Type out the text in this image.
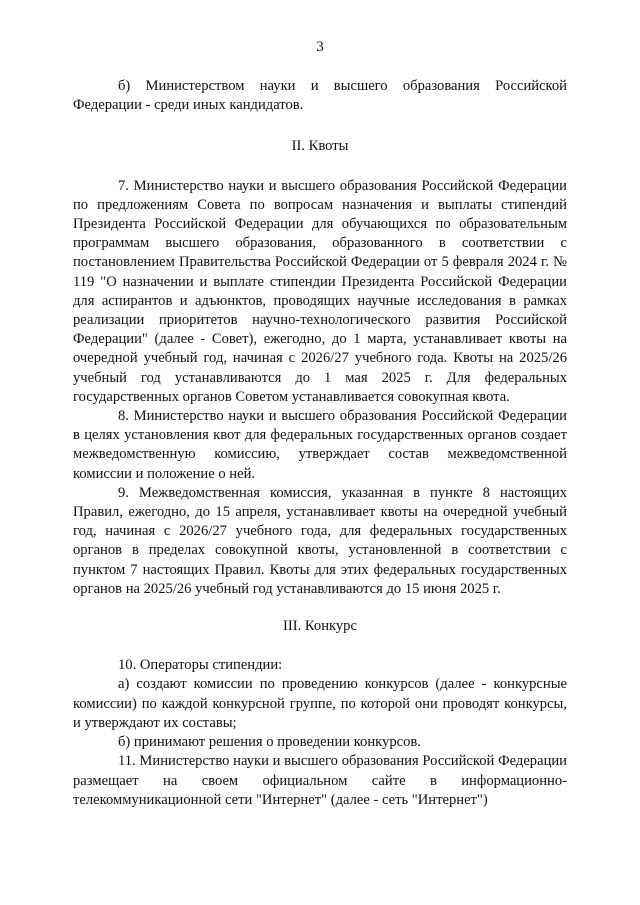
3

б) Министерством науки и высшего образования Российской Федерации - среди иных кандидатов.

II. Квоты

7. Министерство науки и высшего образования Российской Федерации по предложениям Совета по вопросам назначения и выплаты стипендий Президента Российской Федерации для обучающихся по образовательным программам высшего образования, образованного в соответствии с постановлением Правительства Российской Федерации от 5 февраля 2024 г. № 119 "О назначении и выплате стипендии Президента Российской Федерации для аспирантов и адъюнктов, проводящих научные исследования в рамках реализации приоритетов научно-технологического развития Российской Федерации" (далее - Совет), ежегодно, до 1 марта, устанавливает квоты на очередной учебный год, начиная с 2026/27 учебного года. Квоты на 2025/26 учебный год устанавливаются до 1 мая 2025 г. Для федеральных государственных органов Советом устанавливается совокупная квота.

8. Министерство науки и высшего образования Российской Федерации в целях установления квот для федеральных государственных органов создает межведомственную комиссию, утверждает состав межведомственной комиссии и положение о ней.

9. Межведомственная комиссия, указанная в пункте 8 настоящих Правил, ежегодно, до 15 апреля, устанавливает квоты на очередной учебный год, начиная с 2026/27 учебного года, для федеральных государственных органов в пределах совокупной квоты, установленной в соответствии с пунктом 7 настоящих Правил. Квоты для этих федеральных государственных органов на 2025/26 учебный год устанавливаются до 15 июня 2025 г.

III. Конкурс

10. Операторы стипендии:

а) создают комиссии по проведению конкурсов (далее - конкурсные комиссии) по каждой конкурсной группе, по которой они проводят конкурсы, и утверждают их составы;

б) принимают решения о проведении конкурсов.

11. Министерство науки и высшего образования Российской Федерации размещает на своем официальном сайте в информационно-телекоммуникационной сети "Интернет" (далее - сеть "Интернет")
